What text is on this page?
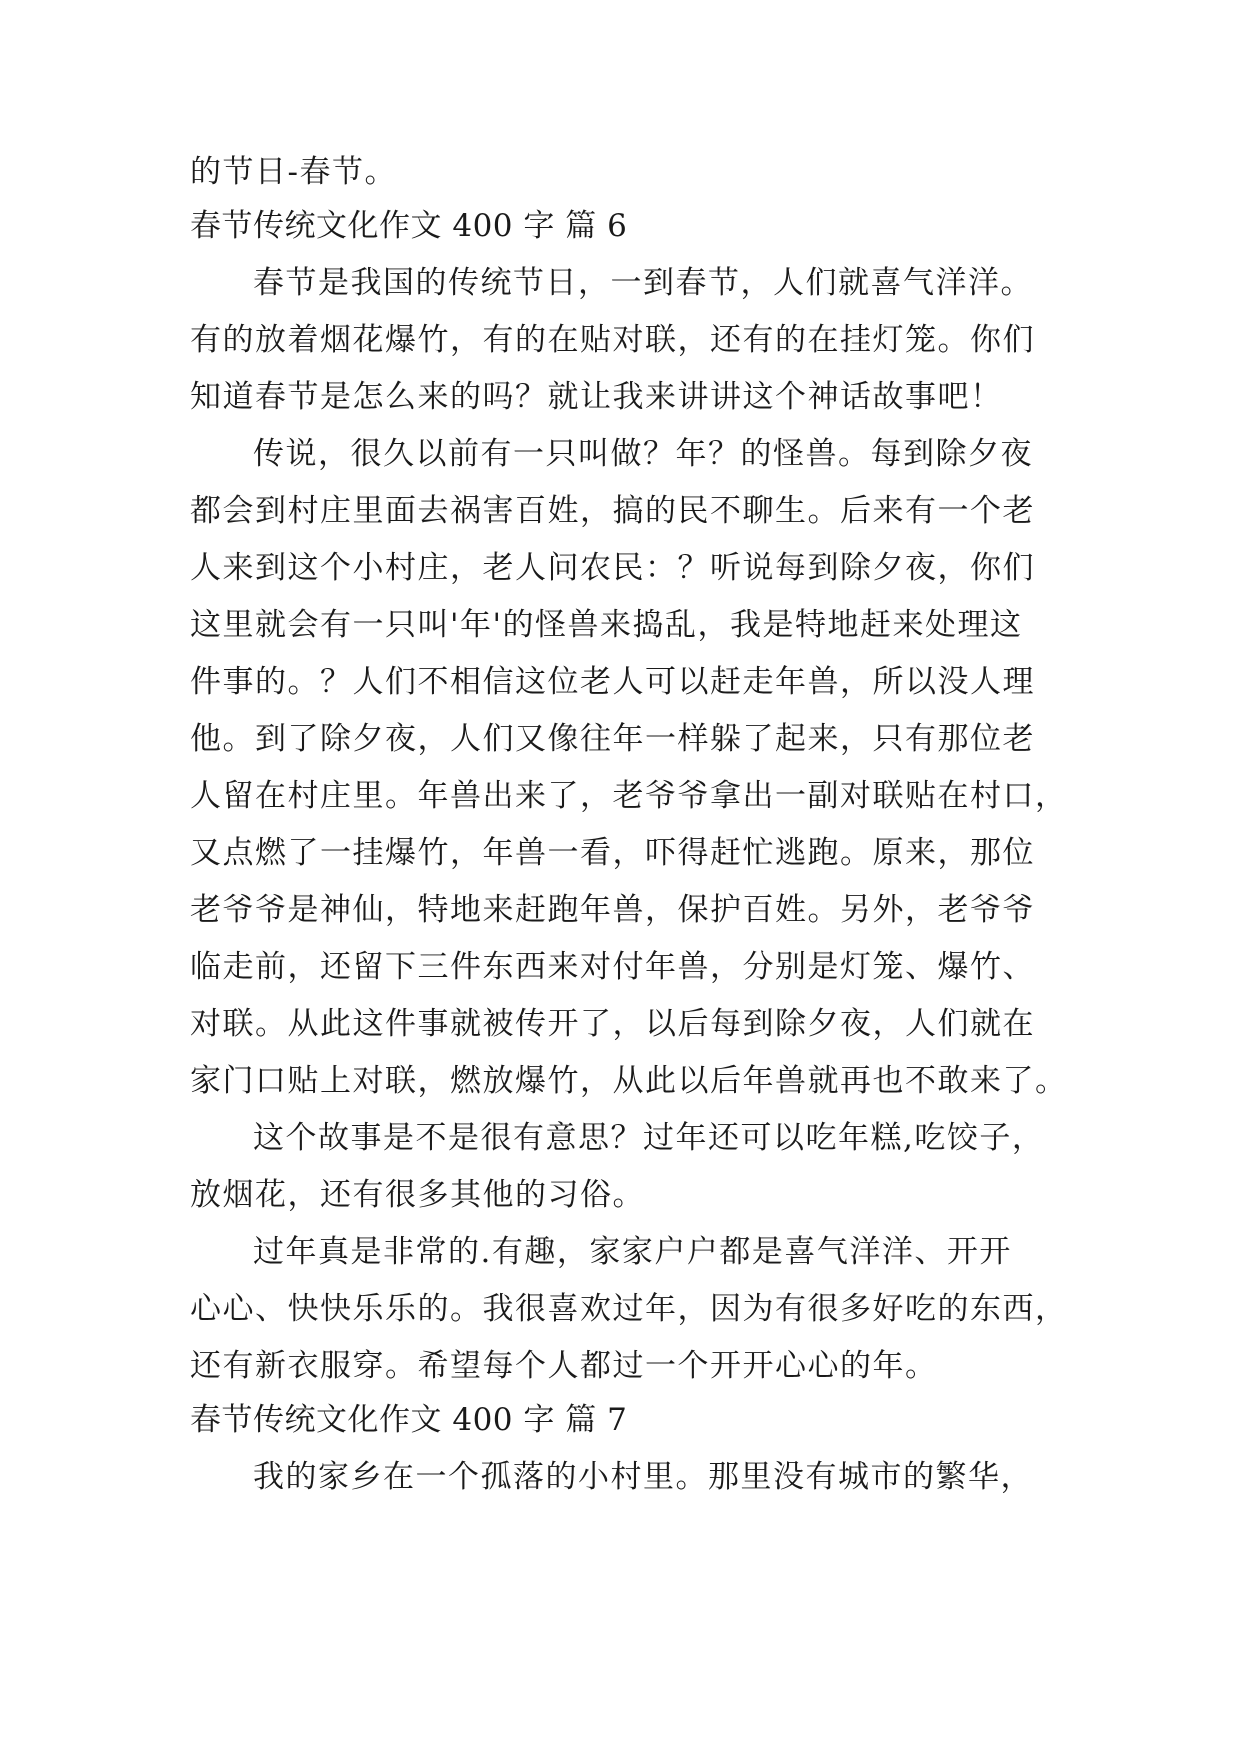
的节日-春节。
春节传统文化作文 400 字 篇 6
春节是我国的传统节日，一到春节，人们就喜气洋洋。
有的放着烟花爆竹，有的在贴对联，还有的在挂灯笼。你们
知道春节是怎么来的吗？就让我来讲讲这个神话故事吧！
传说，很久以前有一只叫做？年？的怪兽。每到除夕夜
都会到村庄里面去祸害百姓，搞的民不聊生。后来有一个老
人来到这个小村庄，老人问农民：？听说每到除夕夜，你们
这里就会有一只叫'年'的怪兽来捣乱，我是特地赶来处理这
件事的。？人们不相信这位老人可以赶走年兽，所以没人理
他。到了除夕夜，人们又像往年一样躲了起来，只有那位老
人留在村庄里。年兽出来了，老爷爷拿出一副对联贴在村口，
又点燃了一挂爆竹，年兽一看，吓得赶忙逃跑。原来，那位
老爷爷是神仙，特地来赶跑年兽，保护百姓。另外，老爷爷
临走前，还留下三件东西来对付年兽，分别是灯笼、爆竹、
对联。从此这件事就被传开了，以后每到除夕夜，人们就在
家门口贴上对联，燃放爆竹，从此以后年兽就再也不敢来了。
这个故事是不是很有意思？过年还可以吃年糕,吃饺子，
放烟花，还有很多其他的习俗。
过年真是非常的.有趣，家家户户都是喜气洋洋、开开
心心、快快乐乐的。我很喜欢过年，因为有很多好吃的东西，
还有新衣服穿。希望每个人都过一个开开心心的年。
春节传统文化作文 400 字 篇 7
我的家乡在一个孤落的小村里。那里没有城市的繁华，
